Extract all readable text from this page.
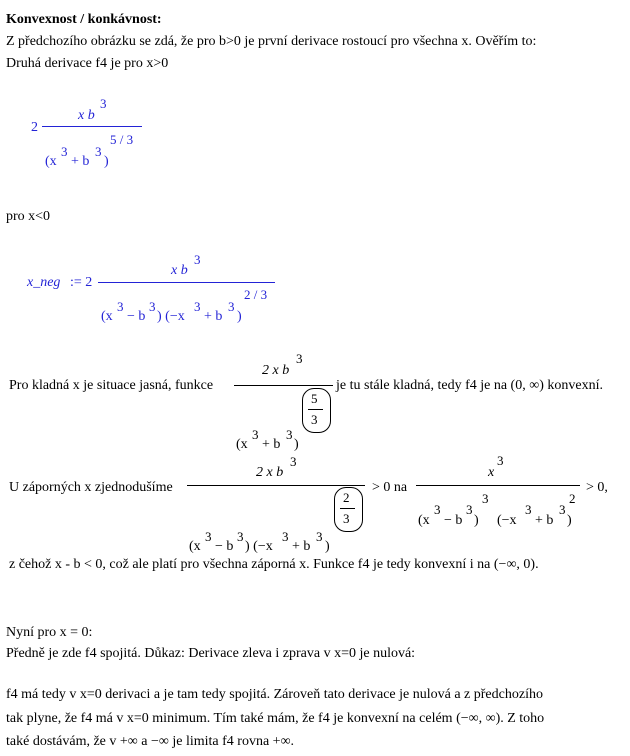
Konvexnost / konkávnost:
Z předchozího obrázku se zdá, že pro b>0 je první derivace rostoucí pro všechna x. Ověřím to:
Druhá derivace f4 je pro x>0
2
x b
3
5 / 3
(x
3
+ b
3
)
pro x<0
x_neg := 2
x b
3
2 / 3
(x
3
− b
3
) (−x
3
+ b
3
)
Pro kladná x je situace jasná, funkce
2 x b
3
5
3
(x
3
+ b
3
)
je tu stále kladná, tedy f4 je na (0, ∞) konvexní.
U záporných x zjednodušíme
2 x b
3
2
3
(x
3
− b
3
) (−x
3
+ b
3
)
> 0 na
x
3
(x
3
− b
3
)
3
(−x
3
+ b
3
)
2
> 0,
z čehož x - b < 0, což ale platí pro všechna záporná x. Funkce f4 je tedy konvexní i na (−∞, 0).
Nyní pro x = 0:
Předně je zde f4 spojitá. Důkaz: Derivace zleva i zprava v x=0 je nulová:
f4 má tedy v x=0 derivaci a je tam tedy spojitá. Zároveň tato derivace je nulová a z předchozího
tak plyne, že f4 má v x=0 minimum. Tím také mám, že f4 je konvexní na celém (−∞, ∞). Z toho
také dostávám, že v +∞ a −∞ je limita f4 rovna +∞.
